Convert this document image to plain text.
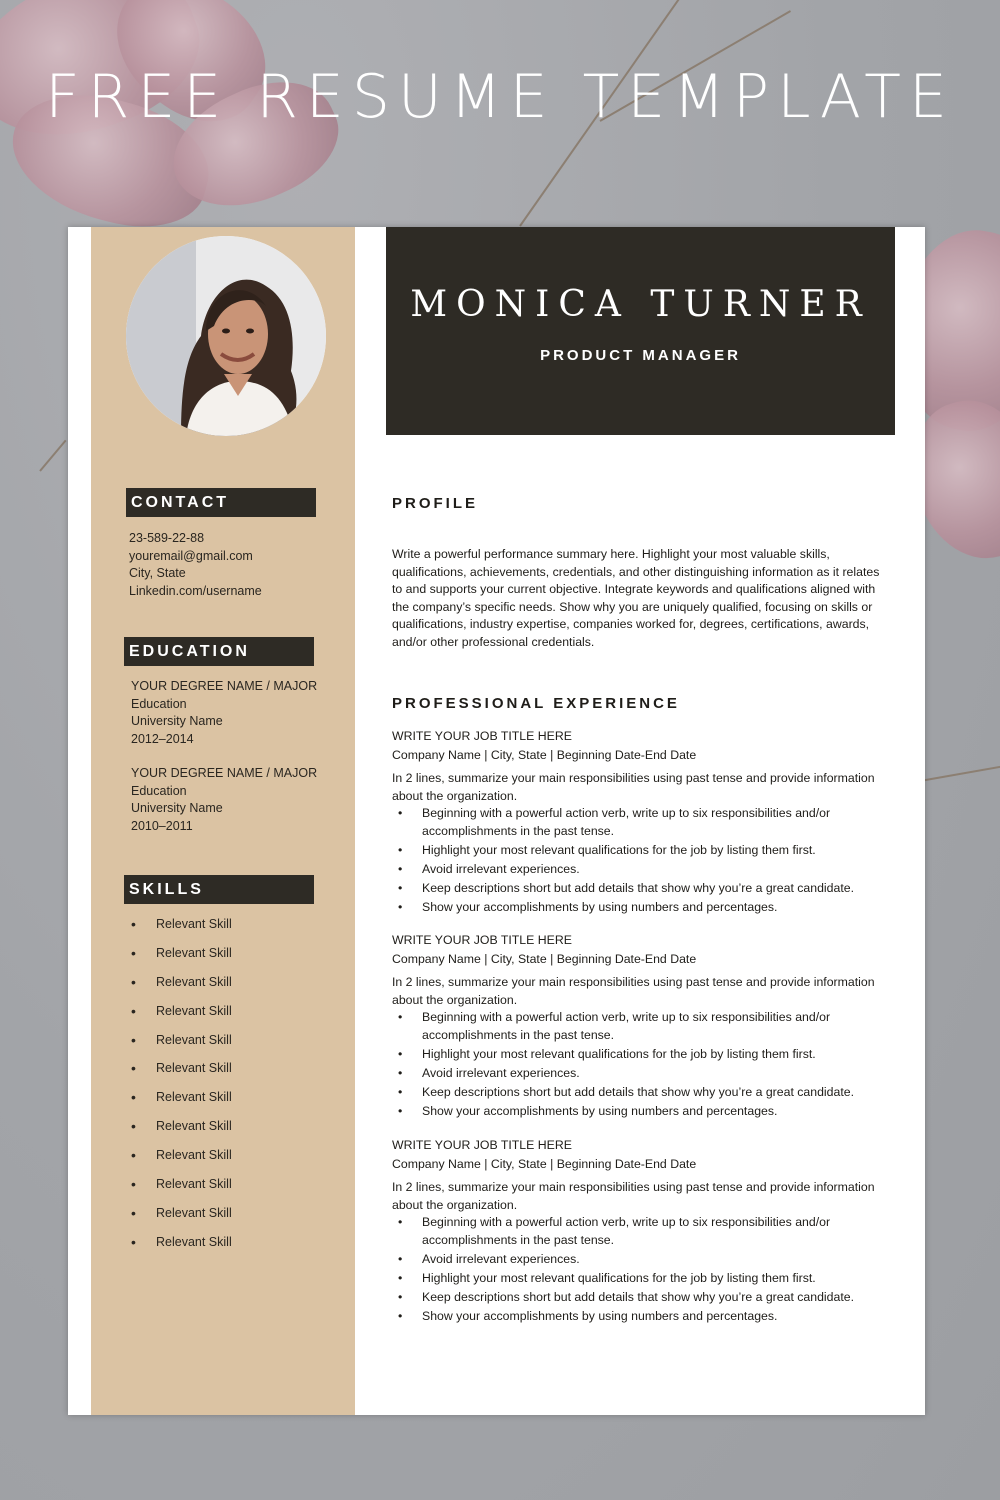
FREE RESUME TEMPLATE
CONTACT
23-589-22-88
youremail@gmail.com
City, State
Linkedin.com/username
EDUCATION
YOUR DEGREE NAME / MAJOR
Education
University Name
2012–2014
YOUR DEGREE NAME / MAJOR
Education
University Name
2010–2011
SKILLS
• Relevant Skill
• Relevant Skill
• Relevant Skill
• Relevant Skill
• Relevant Skill
• Relevant Skill
• Relevant Skill
• Relevant Skill
• Relevant Skill
• Relevant Skill
• Relevant Skill
• Relevant Skill
MONICA TURNER
PRODUCT MANAGER
PROFILE
Write a powerful performance summary here. Highlight your most valuable skills, qualifications, achievements, credentials, and other distinguishing information as it relates to and supports your current objective. Integrate keywords and qualifications aligned with the company’s specific needs. Show why you are uniquely qualified, focusing on skills or qualifications, industry expertise, companies worked for, degrees, certifications, awards, and/or other professional credentials.
PROFESSIONAL EXPERIENCE
WRITE YOUR JOB TITLE HERE
Company Name | City, State | Beginning Date-End Date
In 2 lines, summarize your main responsibilities using past tense and provide information about the organization.
• Beginning with a powerful action verb, write up to six responsibilities and/or accomplishments in the past tense.
• Highlight your most relevant qualifications for the job by listing them first.
• Avoid irrelevant experiences.
• Keep descriptions short but add details that show why you’re a great candidate.
• Show your accomplishments by using numbers and percentages.
WRITE YOUR JOB TITLE HERE
Company Name | City, State | Beginning Date-End Date
In 2 lines, summarize your main responsibilities using past tense and provide information about the organization.
• Beginning with a powerful action verb, write up to six responsibilities and/or accomplishments in the past tense.
• Highlight your most relevant qualifications for the job by listing them first.
• Avoid irrelevant experiences.
• Keep descriptions short but add details that show why you’re a great candidate.
• Show your accomplishments by using numbers and percentages.
WRITE YOUR JOB TITLE HERE
Company Name | City, State | Beginning Date-End Date
In 2 lines, summarize your main responsibilities using past tense and provide information about the organization.
• Beginning with a powerful action verb, write up to six responsibilities and/or accomplishments in the past tense.
• Avoid irrelevant experiences.
• Highlight your most relevant qualifications for the job by listing them first.
• Keep descriptions short but add details that show why you’re a great candidate.
• Show your accomplishments by using numbers and percentages.
